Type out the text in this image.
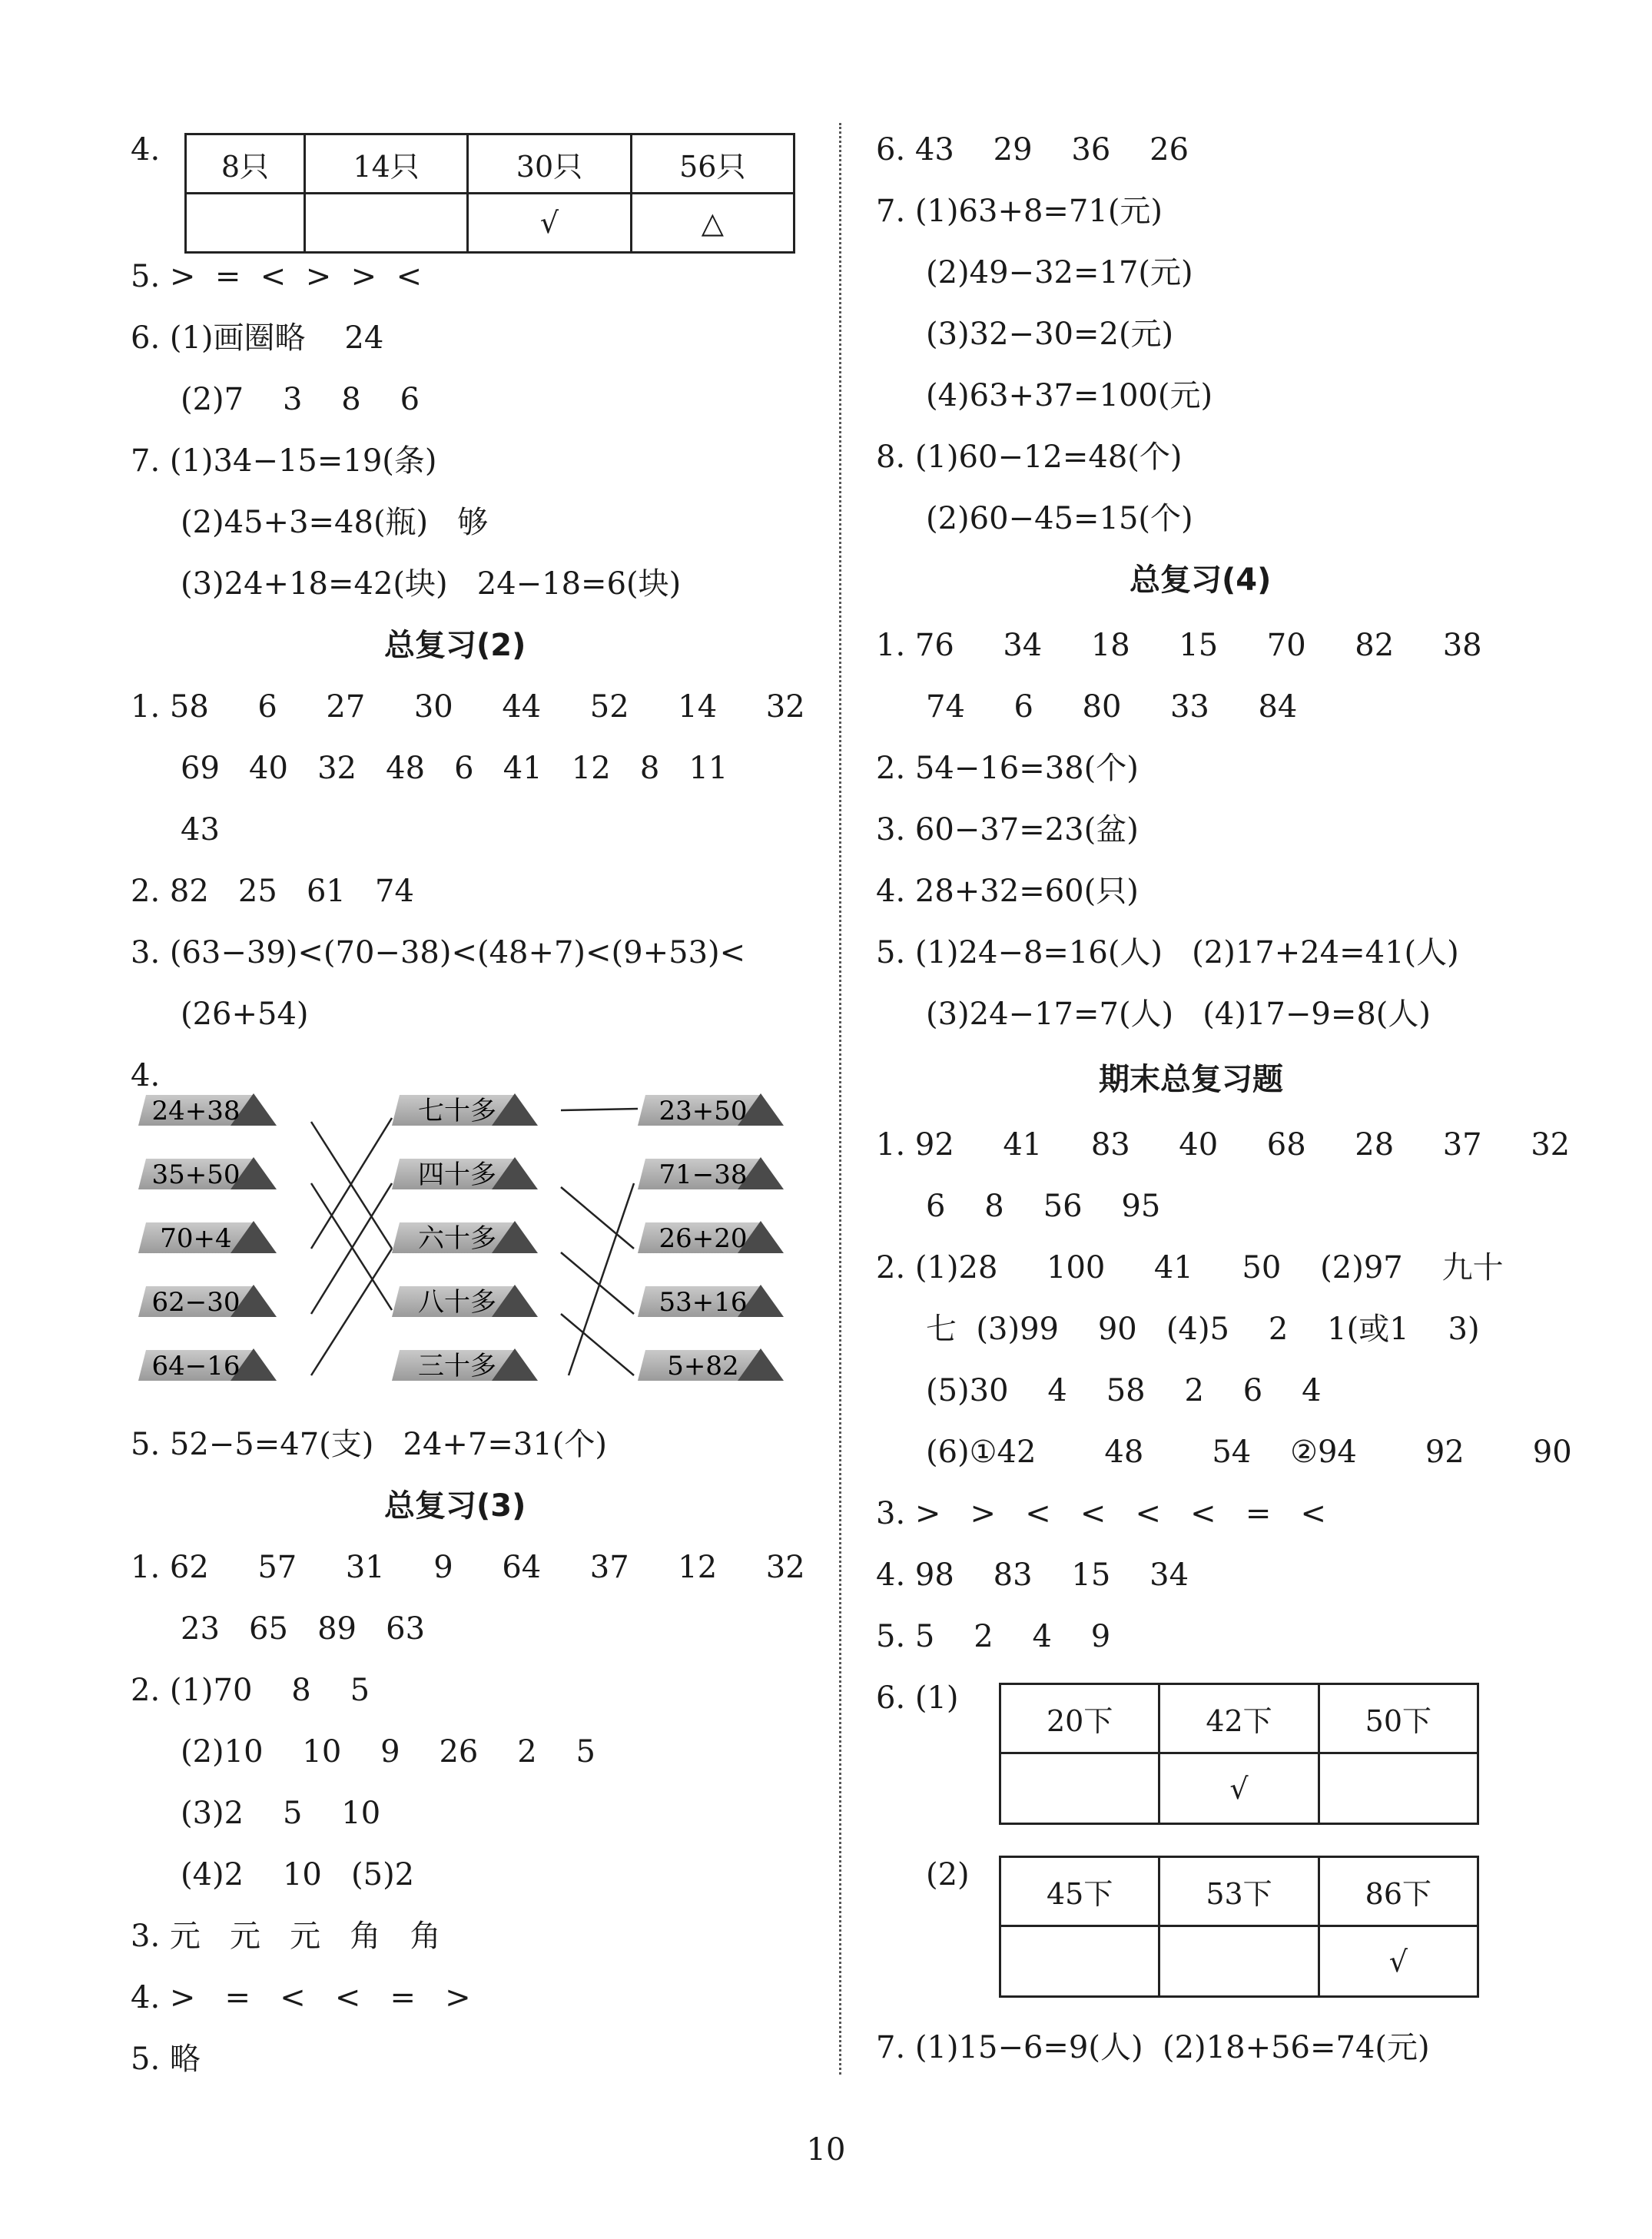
4. 8只	14只	30只	56只
		√	△
5. >  =  <  >  >  <
6. (1)画圈略    24
(2)7    3    8    6
7. (1)34−15=19(条)
(2)45+3=48(瓶)   够
(3)24+18=42(块)   24−18=6(块)
总复习(2)
1. 58     6     27     30     44     52     14     32
69   40   32   48   6   41   12   8   11
43
2. 82   25   61   74
3. (63−39)<(70−38)<(48+7)<(9+53)<
(26+54)
4.
24+38
35+50
70+4
62−30
64−16
七十多
四十多
六十多
八十多
三十多
23+50
71−38
26+20
53+16
5+82
5. 52−5=47(支)   24+7=31(个)
总复习(3)
1. 62     57     31     9     64     37     12     32
23   65   89   63
2. (1)70    8    5
(2)10    10    9    26    2    5
(3)2    5    10
(4)2    10   (5)2
3. 元   元   元   角   角
4. >   =   <   <   =   >
5. 略
6. 43    29    36    26
7. (1)63+8=71(元)
(2)49−32=17(元)
(3)32−30=2(元)
(4)63+37=100(元)
8. (1)60−12=48(个)
(2)60−45=15(个)
总复习(4)
1. 76     34     18     15     70     82     38
74     6     80     33     84
2. 54−16=38(个)
3. 60−37=23(盆)
4. 28+32=60(只)
5. (1)24−8=16(人)   (2)17+24=41(人)
(3)24−17=7(人)   (4)17−9=8(人)
期末总复习题
1. 92     41     83     40     68     28     37     32
6    8    56    95
2. (1)28     100     41     50    (2)97    九十
七  (3)99    90   (4)5    2    1(或1    3)
(5)30    4    58    2    6    4
(6)①42       48       54    ②94       92       90
3. >   >   <   <   <   <   =   <
4. 98    83    15    34
5. 5    2    4    9
6. (1)
20下	42下	50下
	√	
(2)
45下	53下	86下
		√
7. (1)15−6=9(人)  (2)18+56=74(元)
10
